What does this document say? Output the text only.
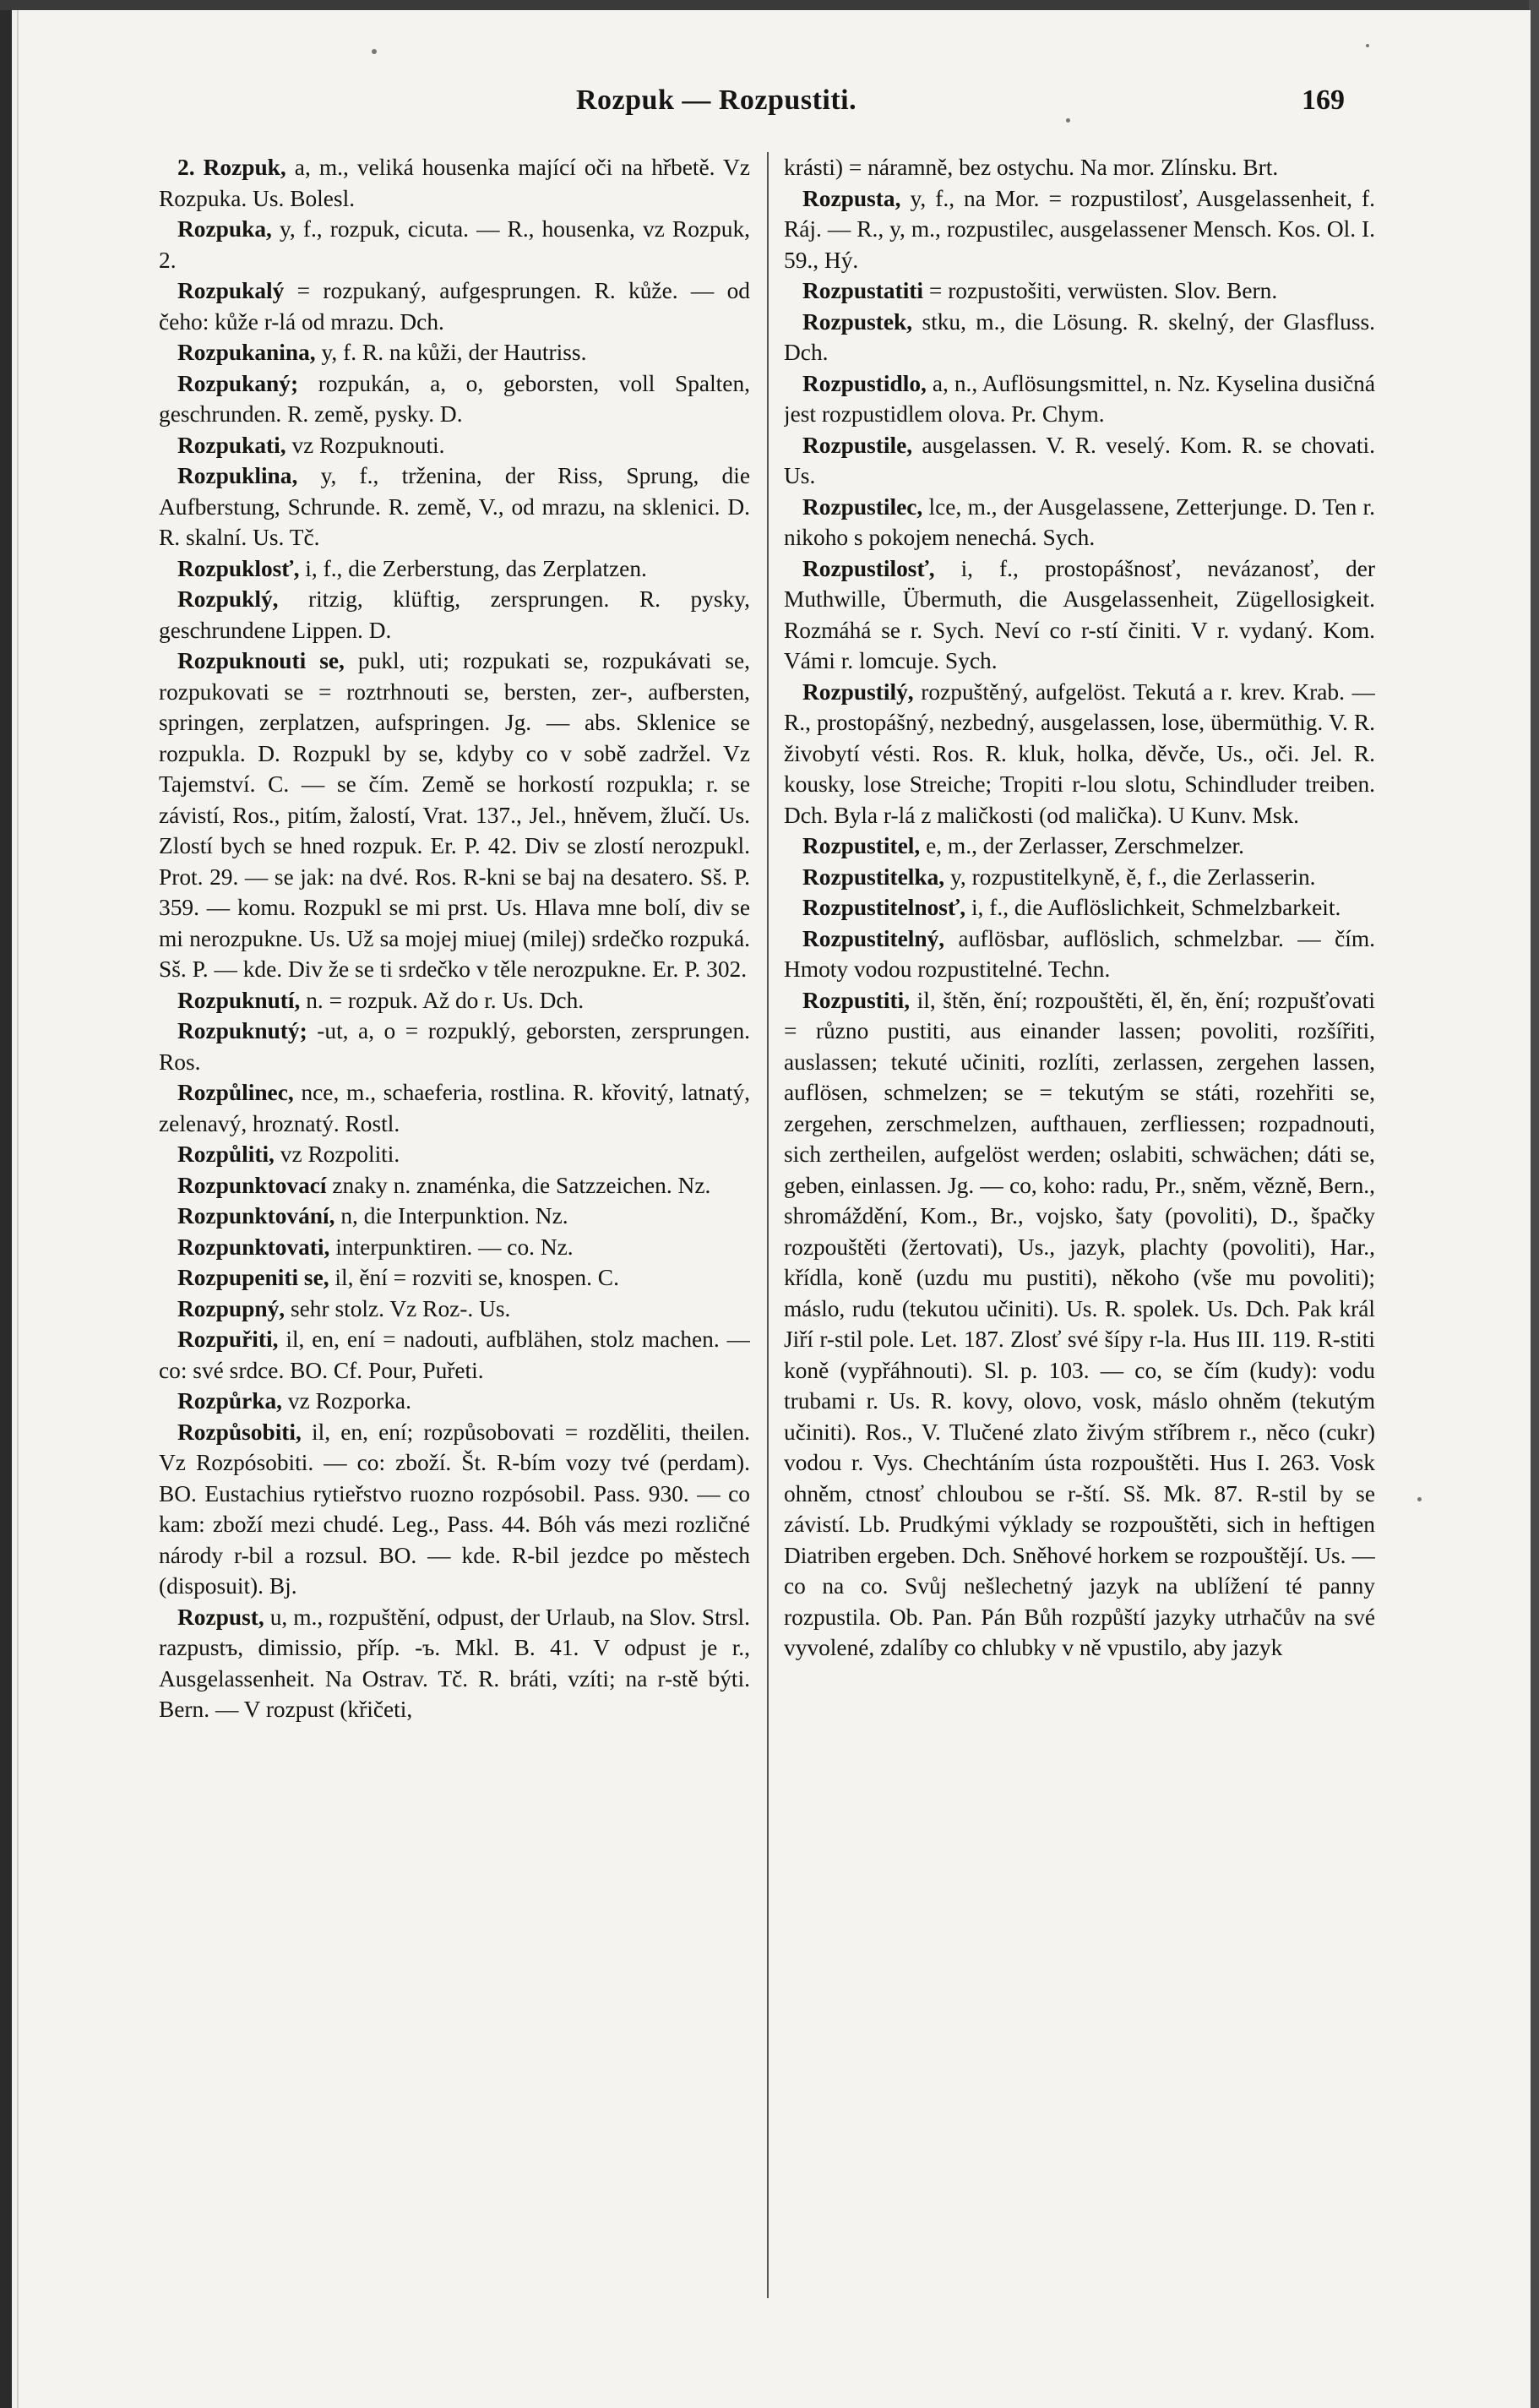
Rozpuk — Rozpustiti.	169

2. Rozpuk, a, m., veliká housenka mající oči na hřbetě. Vz Rozpuka. Us. Bolesl.

Rozpuka, y, f., rozpuk, cicuta. — R., housenka, vz Rozpuk, 2.

Rozpukalý = rozpukaný, aufgesprungen. R. kůže. — od čeho: kůže r-lá od mrazu. Dch.

Rozpukanina, y, f. R. na kůži, der Hautriss.

Rozpukaný; rozpukán, a, o, geborsten, voll Spalten, geschrunden. R. země, pysky. D.

Rozpukati, vz Rozpuknouti.

Rozpuklina, y, f., trženina, der Riss, Sprung, die Aufberstung, Schrunde. R. země, V., od mrazu, na sklenici. D. R. skalní. Us. Tč.

Rozpuklosť, i, f., die Zerberstung, das Zerplatzen.

Rozpuklý, ritzig, klüftig, zersprungen. R. pysky, geschrundene Lippen. D.

Rozpuknouti se, pukl, uti; rozpukati se, rozpukávati se, rozpukovati se = roztrhnouti se, bersten, zer-, aufbersten, springen, zerplatzen, aufspringen. Jg. — abs. Sklenice se rozpukla. D. Rozpukl by se, kdyby co v sobě zadržel. Vz Tajemství. C. — se čím. Země se horkostí rozpukla; r. se závistí, Ros., pitím, žalostí, Vrat. 137., Jel., hněvem, žlučí. Us. Zlostí bych se hned rozpuk. Er. P. 42. Div se zlostí nerozpukl. Prot. 29. — se jak: na dvé. Ros. R-kni se baj na desatero. Sš. P. 359. — komu. Rozpukl se mi prst. Us. Hlava mne bolí, div se mi nerozpukne. Us. Už sa mojej miuej (milej) srdečko rozpuká. Sš. P. — kde. Div že se ti srdečko v těle nerozpukne. Er. P. 302.

Rozpuknutí, n. = rozpuk. Až do r. Us. Dch.

Rozpuknutý; -ut, a, o = rozpuklý, geborsten, zersprungen. Ros.

Rozpůlinec, nce, m., schaeferia, rostlina. R. křovitý, latnatý, zelenavý, hroznatý. Rostl.

Rozpůliti, vz Rozpoliti.

Rozpunktovací znaky n. znaménka, die Satzzeichen. Nz.

Rozpunktování, n, die Interpunktion. Nz.

Rozpunktovati, interpunktiren. — co. Nz.

Rozpupeniti se, il, ění = rozviti se, knospen. C.

Rozpupný, sehr stolz. Vz Roz-. Us.

Rozpuřiti, il, en, ení = nadouti, aufblähen, stolz machen. — co: své srdce. BO. Cf. Pour, Puřeti.

Rozpůrka, vz Rozporka.

Rozpůsobiti, il, en, ení; rozpůsobovati = rozděliti, theilen. Vz Rozpósobiti. — co: zboží. Št. R-bím vozy tvé (perdam). BO. Eustachius rytieřstvo ruozno rozpósobil. Pass. 930. — co kam: zboží mezi chudé. Leg., Pass. 44. Bóh vás mezi rozličné národy r-bil a rozsul. BO. — kde. R-bil jezdce po městech (disposuit). Bj.

Rozpust, u, m., rozpuštění, odpust, der Urlaub, na Slov. Strsl. razpustъ, dimissio, příp. -ъ. Mkl. B. 41. V odpust je r., Ausgelassenheit. Na Ostrav. Tč. R. bráti, vzíti; na r-stě býti. Bern. — V rozpust (křičeti,

krásti) = náramně, bez ostychu. Na mor. Zlínsku. Brt.

Rozpusta, y, f., na Mor. = rozpustilosť, Ausgelassenheit, f. Ráj. — R., y, m., rozpustilec, ausgelassener Mensch. Kos. Ol. I. 59., Hý.

Rozpustatiti = rozpustošiti, verwüsten. Slov. Bern.

Rozpustek, stku, m., die Lösung. R. skelný, der Glasfluss. Dch.

Rozpustidlo, a, n., Auflösungsmittel, n. Nz. Kyselina dusičná jest rozpustidlem olova. Pr. Chym.

Rozpustile, ausgelassen. V. R. veselý. Kom. R. se chovati. Us.

Rozpustilec, lce, m., der Ausgelassene, Zetterjunge. D. Ten r. nikoho s pokojem nenechá. Sych.

Rozpustilosť, i, f., prostopášnosť, nevázanosť, der Muthwille, Übermuth, die Ausgelassenheit, Zügellosigkeit. Rozmáhá se r. Sych. Neví co r-stí činiti. V r. vydaný. Kom. Vámi r. lomcuje. Sych.

Rozpustilý, rozpuštěný, aufgelöst. Tekutá a r. krev. Krab. — R., prostopášný, nezbedný, ausgelassen, lose, übermüthig. V. R. živobytí vésti. Ros. R. kluk, holka, děvče, Us., oči. Jel. R. kousky, lose Streiche; Tropiti r-lou slotu, Schindluder treiben. Dch. Byla r-lá z maličkosti (od malička). U Kunv. Msk.

Rozpustitel, e, m., der Zerlasser, Zerschmelzer.

Rozpustitelka, y, rozpustitelkyně, ě, f., die Zerlasserin.

Rozpustitelnosť, i, f., die Auflöslichkeit, Schmelzbarkeit.

Rozpustitelný, auflösbar, auflöslich, schmelzbar. — čím. Hmoty vodou rozpustitelné. Techn.

Rozpustiti, il, štěn, ění; rozpouštěti, ěl, ěn, ění; rozpušťovati = různo pustiti, aus einander lassen; povoliti, rozšířiti, auslassen; tekuté učiniti, rozlíti, zerlassen, zergehen lassen, auflösen, schmelzen; se = tekutým se státi, rozehřiti se, zergehen, zerschmelzen, aufthauen, zerfliessen; rozpadnouti, sich zertheilen, aufgelöst werden; oslabiti, schwächen; dáti se, geben, einlassen. Jg. — co, koho: radu, Pr., sněm, vězně, Bern., shromáždění, Kom., Br., vojsko, šaty (povoliti), D., špačky rozpouštěti (žertovati), Us., jazyk, plachty (povoliti), Har., křídla, koně (uzdu mu pustiti), někoho (vše mu povoliti); máslo, rudu (tekutou učiniti). Us. R. spolek. Us. Dch. Pak král Jiří r-stil pole. Let. 187. Zlosť své šípy r-la. Hus III. 119. R-stiti koně (vypřáhnouti). Sl. p. 103. — co, se čím (kudy): vodu trubami r. Us. R. kovy, olovo, vosk, máslo ohněm (tekutým učiniti). Ros., V. Tlučené zlato živým stříbrem r., něco (cukr) vodou r. Vys. Chechtáním ústa rozpouštěti. Hus I. 263. Vosk ohněm, ctnosť chloubou se r-ští. Sš. Mk. 87. R-stil by se závistí. Lb. Prudkými výklady se rozpouštěti, sich in heftigen Diatriben ergeben. Dch. Sněhové horkem se rozpouštějí. Us. — co na co. Svůj nešlechetný jazyk na ublížení té panny rozpustila. Ob. Pan. Pán Bůh rozpůští jazyky utrhačův na své vyvolené, zdalíby co chlubky v ně vpustilo, aby jazyk
